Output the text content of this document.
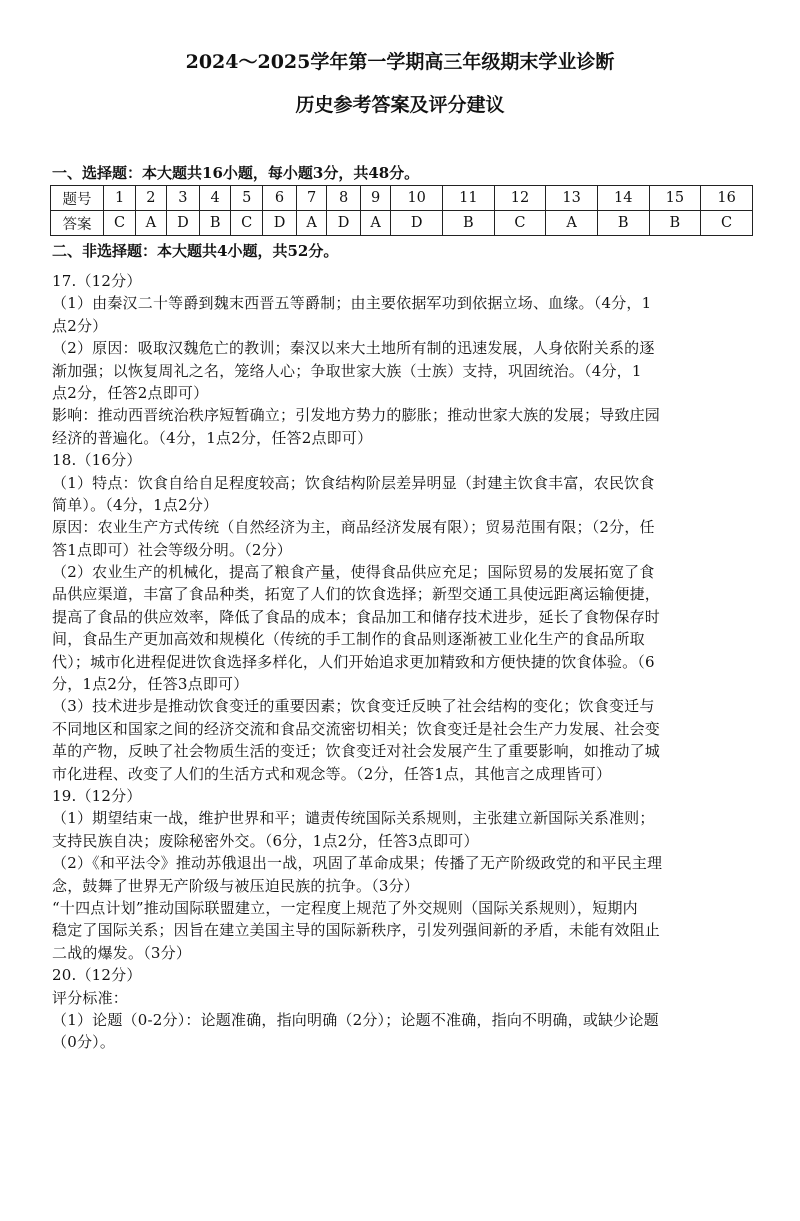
2024～2025学年第一学期高三年级期末学业诊断
历史参考答案及评分建议
一、选择题：本大题共16小题，每小题3分，共48分。
题号	1	2	3	4	5	6	7	8	9	10	11	12	13	14	15	16
答案	C	A	D	B	C	D	A	D	A	D	B	C	A	B	B	C
二、非选择题：本大题共4小题，共52分。
17.（12分）
（1）由秦汉二十等爵到魏末西晋五等爵制；由主要依据军功到依据立场、血缘。（4分，1
点2分）
（2）原因：吸取汉魏危亡的教训；秦汉以来大土地所有制的迅速发展，人身依附关系的逐
渐加强；以恢复周礼之名，笼络人心；争取世家大族（士族）支持，巩固统治。（4分，1
点2分，任答2点即可）
影响：推动西晋统治秩序短暂确立；引发地方势力的膨胀；推动世家大族的发展；导致庄园
经济的普遍化。（4分，1点2分，任答2点即可）
18.（16分）
（1）特点：饮食自给自足程度较高；饮食结构阶层差异明显（封建主饮食丰富，农民饮食
简单）。（4分，1点2分）
原因：农业生产方式传统（自然经济为主，商品经济发展有限）；贸易范围有限；（2分，任
答1点即可）社会等级分明。（2分）
（2）农业生产的机械化，提高了粮食产量，使得食品供应充足；国际贸易的发展拓宽了食
品供应渠道，丰富了食品种类，拓宽了人们的饮食选择；新型交通工具使远距离运输便捷，
提高了食品的供应效率，降低了食品的成本；食品加工和储存技术进步，延长了食物保存时
间，食品生产更加高效和规模化（传统的手工制作的食品则逐渐被工业化生产的食品所取
代）；城市化进程促进饮食选择多样化，人们开始追求更加精致和方便快捷的饮食体验。（6
分，1点2分，任答3点即可）
（3）技术进步是推动饮食变迁的重要因素；饮食变迁反映了社会结构的变化；饮食变迁与
不同地区和国家之间的经济交流和食品交流密切相关；饮食变迁是社会生产力发展、社会变
革的产物，反映了社会物质生活的变迁；饮食变迁对社会发展产生了重要影响，如推动了城
市化进程、改变了人们的生活方式和观念等。（2分，任答1点，其他言之成理皆可）
19.（12分）
（1）期望结束一战，维护世界和平；谴责传统国际关系规则，主张建立新国际关系准则；
支持民族自决；废除秘密外交。（6分，1点2分，任答3点即可）
（2）《和平法令》推动苏俄退出一战，巩固了革命成果；传播了无产阶级政党的和平民主理
念，鼓舞了世界无产阶级与被压迫民族的抗争。（3分）
“十四点计划”推动国际联盟建立，一定程度上规范了外交规则（国际关系规则），短期内
稳定了国际关系；因旨在建立美国主导的国际新秩序，引发列强间新的矛盾，未能有效阻止
二战的爆发。（3分）
20.（12分）
评分标准：
（1）论题（0-2分）：论题准确，指向明确（2分）；论题不准确，指向不明确，或缺少论题
（0分）。
